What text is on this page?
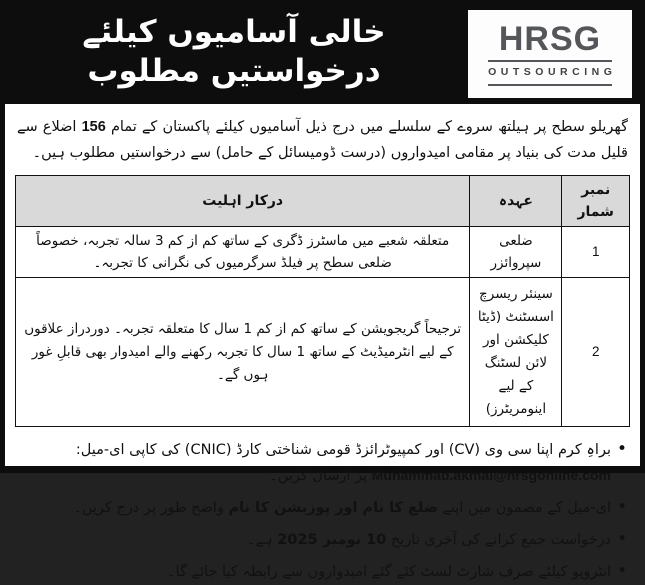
خالی آسامیوں کیلئے درخواستیں مطلوب
HRSG
OUTSOURCING

گھریلو سطح پر ہیلتھ سروے کے سلسلے میں درج ذیل آسامیوں کیلئے پاکستان کے تمام 156 اضلاع سے قلیل مدت کی بنیاد پر مقامی امیدواروں (درست ڈومیسائل کے حامل) سے درخواستیں مطلوب ہیں۔

نمبر شمار	عہدہ	درکار اہلیت
1	ضلعی سپروائزر	متعلقہ شعبے میں ماسٹرز ڈگری کے ساتھ کم از کم 3 سالہ تجربہ، خصوصاً ضلعی سطح پر فیلڈ سرگرمیوں کی نگرانی کا تجربہ۔
2	سینئر ریسرچ اسسٹنٹ (ڈیٹا کلیکشن اور لائن لسٹنگ کے لیے اینومریٹرز)	ترجیحاً گریجویشن کے ساتھ کم از کم 1 سال کا متعلقہ تجربہ۔ دوردراز علاقوں کے لیے انٹرمیڈیٹ کے ساتھ 1 سال کا تجربہ رکھنے والے امیدوار بھی قابلِ غور ہوں گے۔
• براہِ کرم اپنا سی وی (CV) اور کمپیوٹرائزڈ قومی شناختی کارڈ (CNIC) کی کاپی ای-میل: Muhammad.akmal@hrsgonline.com پر ارسال کریں۔
• ای-میل کے مضمون میں اپنے ضلع کا نام اور پوزیشن کا نام واضح طور پر درج کریں۔
• درخواست جمع کرانے کی آخری تاریخ 10 نومبر 2025 ہے۔
• انٹرویو کیلئے صرف شارٹ لسٹ کئے گئے امیدواروں سے رابطہ کیا جائے گا۔
